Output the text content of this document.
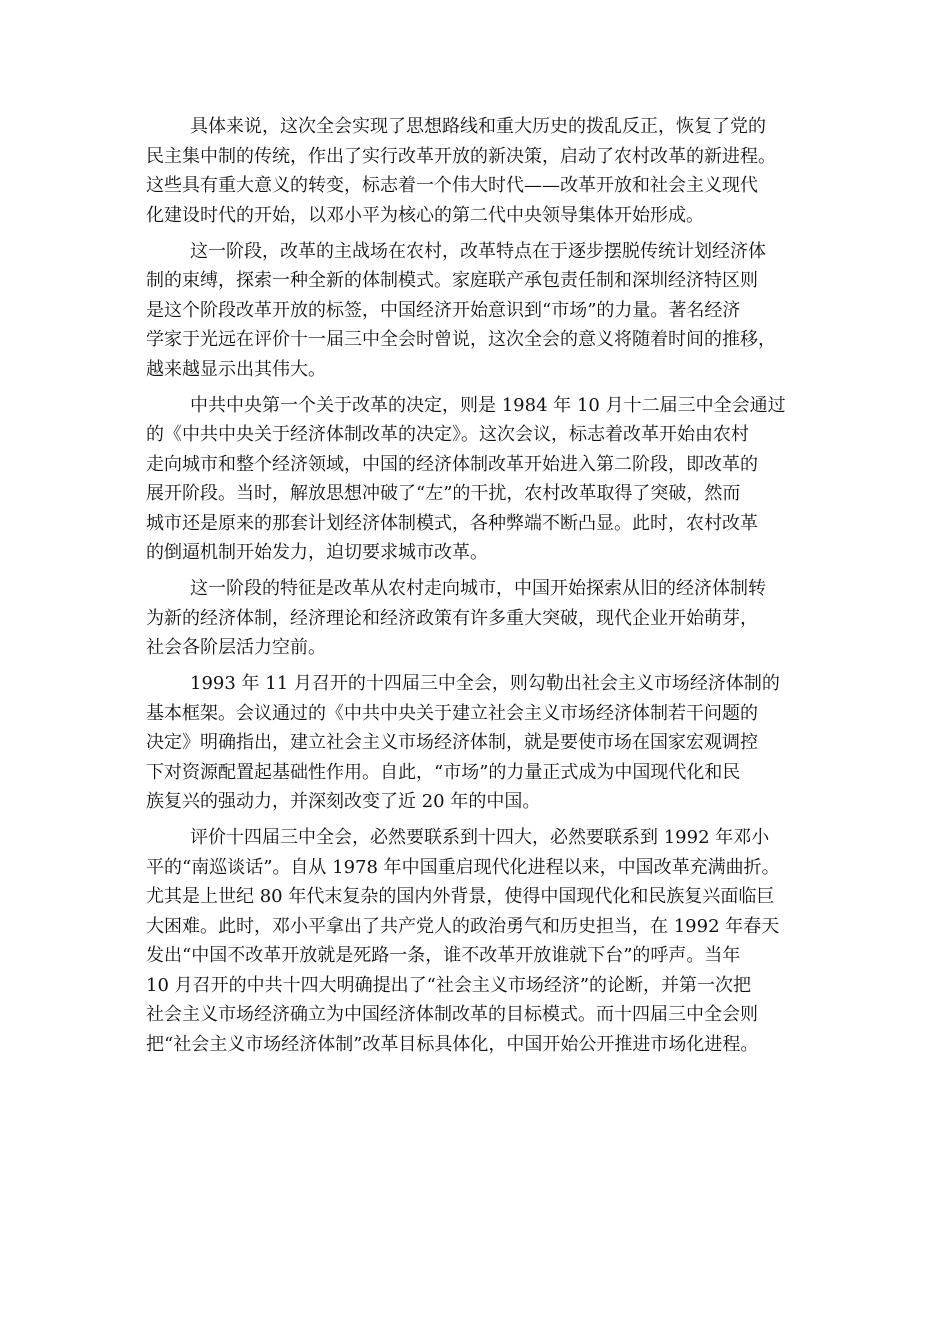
具体来说，这次全会实现了思想路线和重大历史的拨乱反正，恢复了党的
民主集中制的传统，作出了实行改革开放的新决策，启动了农村改革的新进程。
这些具有重大意义的转变，标志着一个伟大时代——改革开放和社会主义现代
化建设时代的开始，以邓小平为核心的第二代中央领导集体开始形成。

这一阶段，改革的主战场在农村，改革特点在于逐步摆脱传统计划经济体
制的束缚，探索一种全新的体制模式。家庭联产承包责任制和深圳经济特区则
是这个阶段改革开放的标签，中国经济开始意识到“市场”的力量。著名经济
学家于光远在评价十一届三中全会时曾说，这次全会的意义将随着时间的推移，
越来越显示出其伟大。

中共中央第一个关于改革的决定，则是 1984 年 10 月十二届三中全会通过
的《中共中央关于经济体制改革的决定》。这次会议，标志着改革开始由农村
走向城市和整个经济领域，中国的经济体制改革开始进入第二阶段，即改革的
展开阶段。当时，解放思想冲破了“左”的干扰，农村改革取得了突破，然而
城市还是原来的那套计划经济体制模式，各种弊端不断凸显。此时，农村改革
的倒逼机制开始发力，迫切要求城市改革。

这一阶段的特征是改革从农村走向城市，中国开始探索从旧的经济体制转
为新的经济体制，经济理论和经济政策有许多重大突破，现代企业开始萌芽，
社会各阶层活力空前。

1993 年 11 月召开的十四届三中全会，则勾勒出社会主义市场经济体制的
基本框架。会议通过的《中共中央关于建立社会主义市场经济体制若干问题的
决定》明确指出，建立社会主义市场经济体制，就是要使市场在国家宏观调控
下对资源配置起基础性作用。自此，“市场”的力量正式成为中国现代化和民
族复兴的强动力，并深刻改变了近 20 年的中国。

评价十四届三中全会，必然要联系到十四大，必然要联系到 1992 年邓小
平的“南巡谈话”。自从 1978 年中国重启现代化进程以来，中国改革充满曲折。
尤其是上世纪 80 年代末复杂的国内外背景，使得中国现代化和民族复兴面临巨
大困难。此时，邓小平拿出了共产党人的政治勇气和历史担当，在 1992 年春天
发出“中国不改革开放就是死路一条，谁不改革开放谁就下台”的呼声。当年
10 月召开的中共十四大明确提出了“社会主义市场经济”的论断，并第一次把
社会主义市场经济确立为中国经济体制改革的目标模式。而十四届三中全会则
把“社会主义市场经济体制”改革目标具体化，中国开始公开推进市场化进程。
